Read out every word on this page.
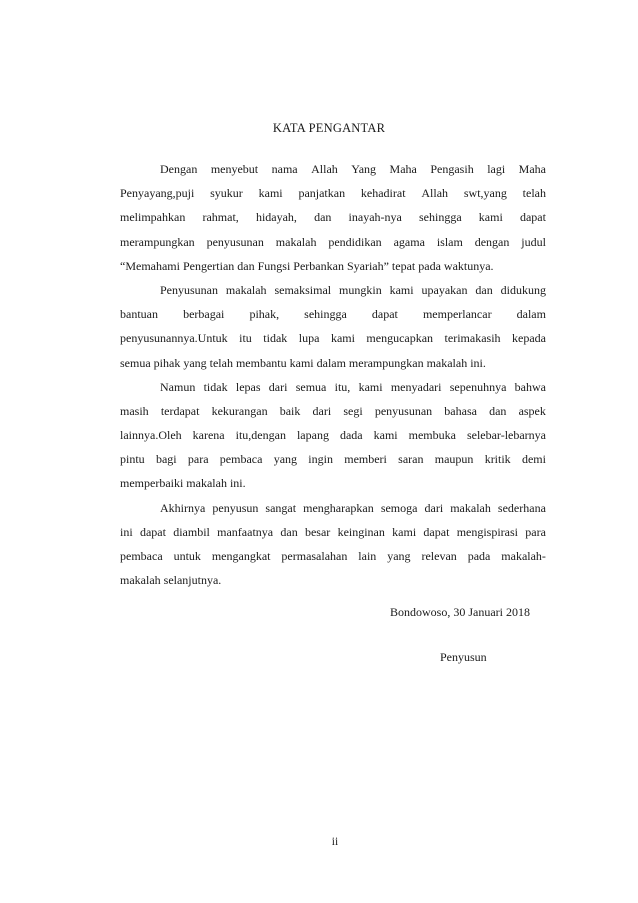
KATA PENGANTAR
Dengan menyebut nama Allah Yang Maha Pengasih lagi Maha
Penyayang,puji syukur kami panjatkan kehadirat Allah swt,yang telah
melimpahkan rahmat, hidayah, dan inayah-nya sehingga kami dapat
merampungkan penyusunan makalah pendidikan agama islam dengan judul
“Memahami Pengertian dan Fungsi Perbankan Syariah” tepat pada waktunya.
Penyusunan makalah semaksimal mungkin kami upayakan dan didukung
bantuan berbagai pihak, sehingga dapat memperlancar dalam
penyusunannya.Untuk itu tidak lupa kami mengucapkan terimakasih kepada
semua pihak yang telah membantu kami dalam merampungkan makalah ini.
Namun tidak lepas dari semua itu, kami menyadari sepenuhnya bahwa
masih terdapat kekurangan baik dari segi penyusunan bahasa dan aspek
lainnya.Oleh karena itu,dengan lapang dada kami membuka selebar-lebarnya
pintu bagi para pembaca yang ingin memberi saran maupun kritik demi
memperbaiki makalah ini.
Akhirnya penyusun sangat mengharapkan semoga dari makalah sederhana
ini dapat diambil manfaatnya dan besar keinginan kami dapat mengispirasi para
pembaca untuk mengangkat permasalahan lain yang relevan pada makalah-
makalah selanjutnya.
Bondowoso, 30 Januari 2018
Penyusun
ii
